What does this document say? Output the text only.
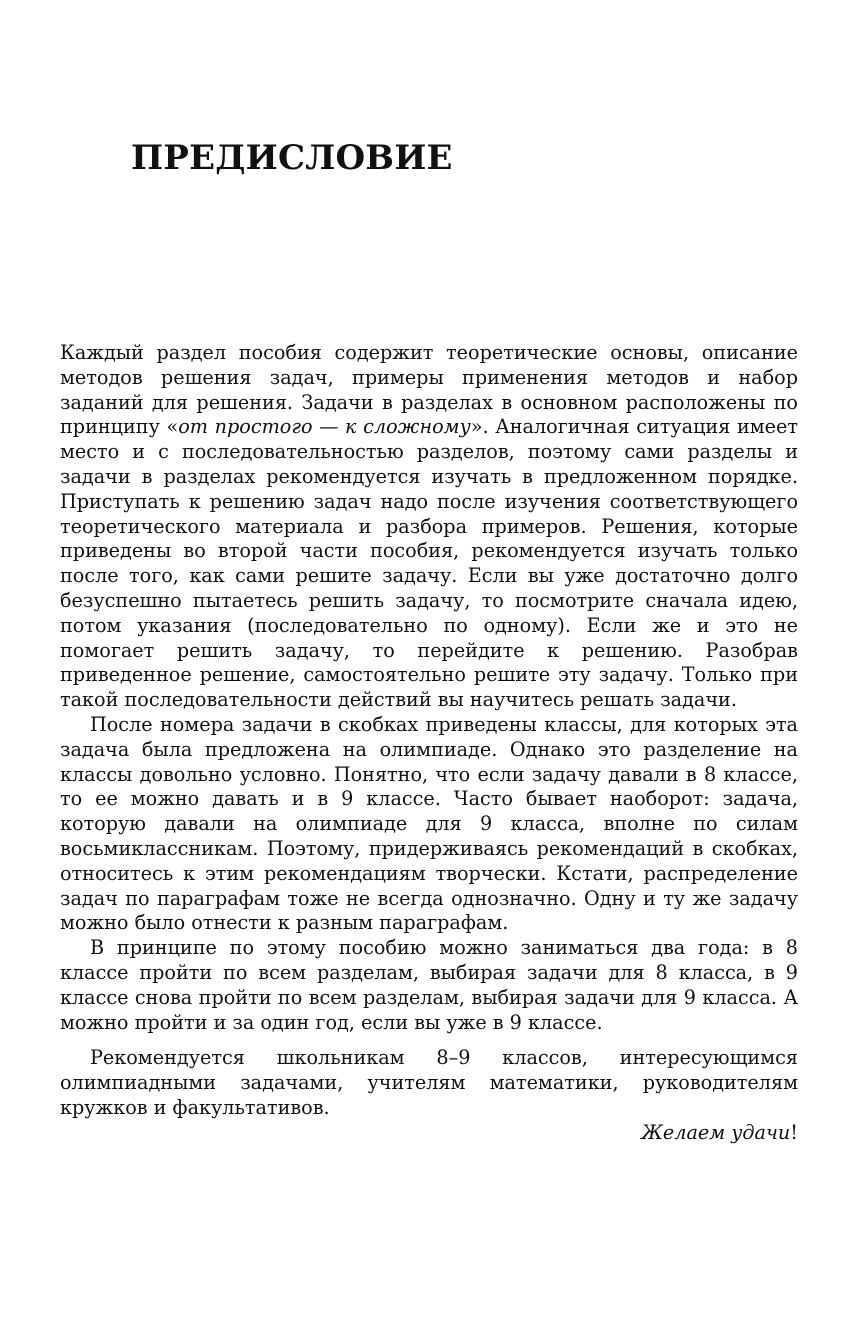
ПРЕДИСЛОВИЕ

Каждый раздел пособия содержит теоретические основы, описание методов решения задач, примеры применения методов и набор заданий для решения. Задачи в разделах в основном расположены по принципу «от простого — к сложному». Аналогичная ситуация имеет место и с последовательностью разделов, поэтому сами разделы и задачи в разделах рекомендуется изучать в предложенном порядке. Приступать к решению задач надо после изучения соответствующего теоретического материала и разбора примеров. Решения, которые приведены во второй части пособия, рекомендуется изучать только после того, как сами решите задачу. Если вы уже достаточно долго безуспешно пытаетесь решить задачу, то посмотрите сначала идею, потом указания (последовательно по одному). Если же и это не помогает решить задачу, то перейдите к решению. Разобрав приведенное решение, самостоятельно решите эту задачу. Только при такой последовательности действий вы научитесь решать задачи.

После номера задачи в скобках приведены классы, для которых эта задача была предложена на олимпиаде. Однако это разделение на классы довольно условно. Понятно, что если задачу давали в 8 классе, то ее можно давать и в 9 классе. Часто бывает наоборот: задача, которую давали на олимпиаде для 9 класса, вполне по силам восьмиклассникам. Поэтому, придерживаясь рекомендаций в скобках, относитесь к этим рекомендациям творчески. Кстати, распределение задач по параграфам тоже не всегда однозначно. Одну и ту же задачу можно было отнести к разным параграфам.

В принципе по этому пособию можно заниматься два года: в 8 классе пройти по всем разделам, выбирая задачи для 8 класса, в 9 классе снова пройти по всем разделам, выбирая задачи для 9 класса. А можно пройти и за один год, если вы уже в 9 классе.

Рекомендуется школьникам 8–9 классов, интересующимся олимпиадными задачами, учителям математики, руководителям кружков и факультативов.

Желаем удачи!
